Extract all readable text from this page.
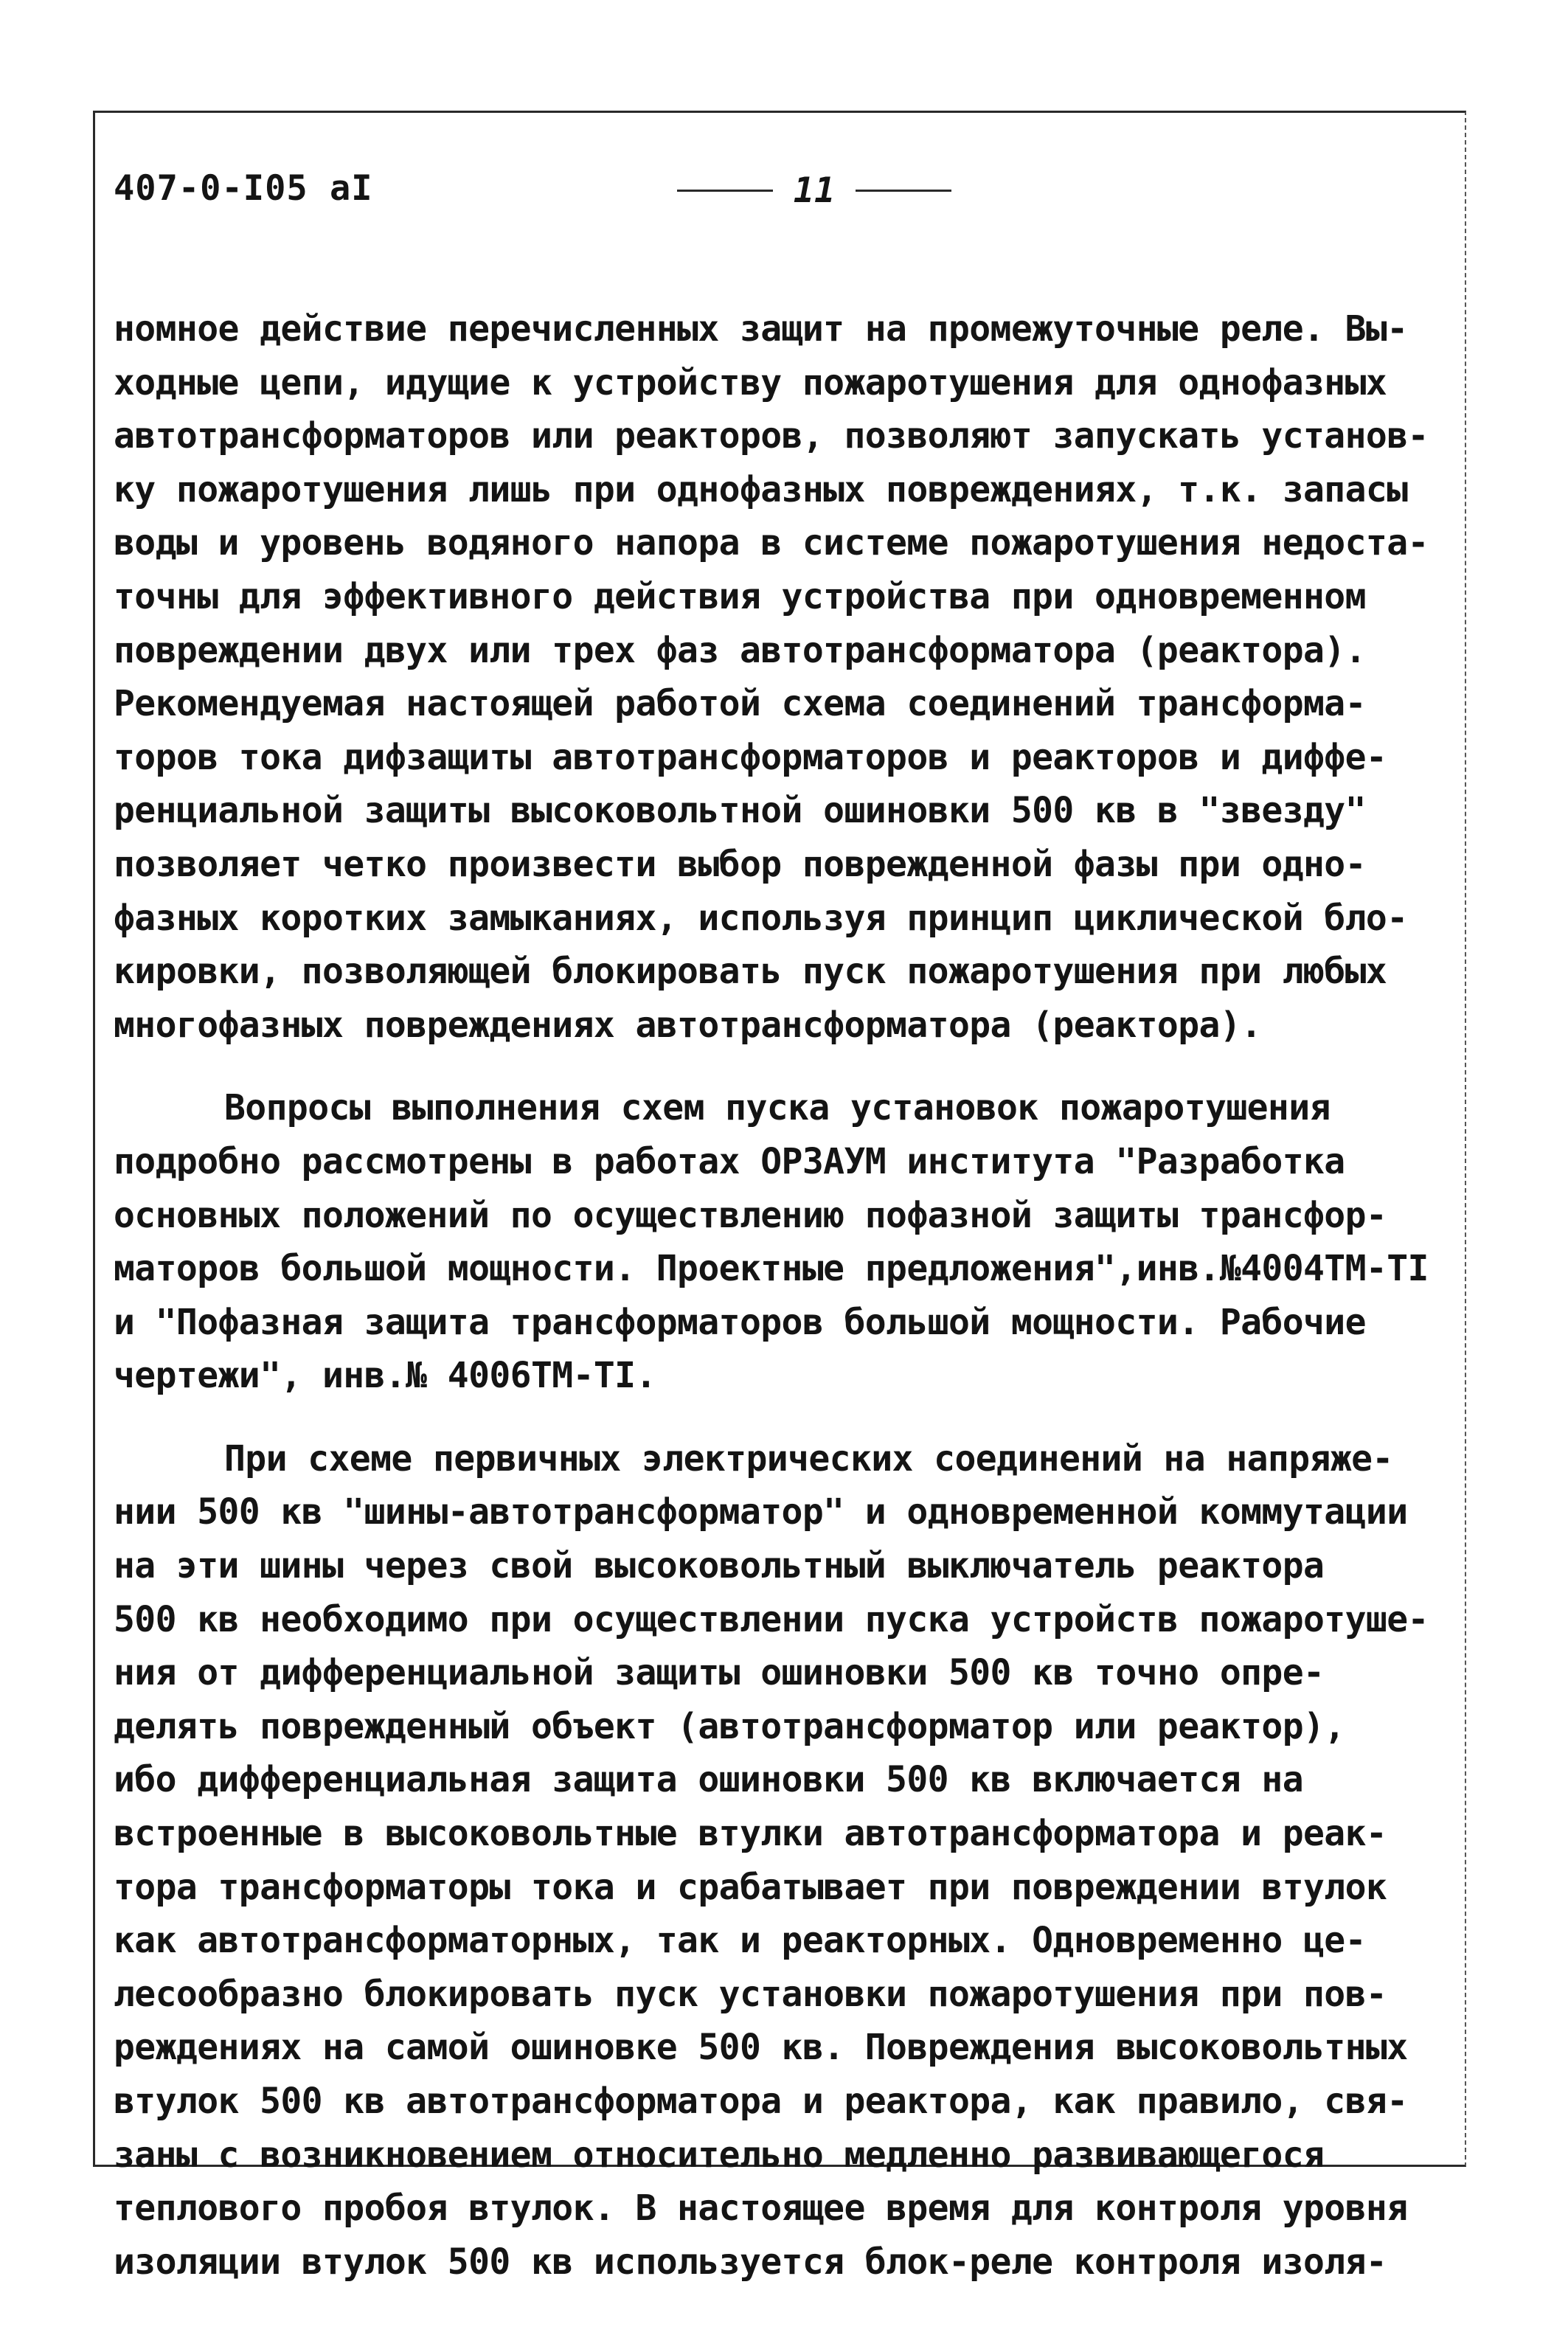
407-0-I05 aI	11
номное действие перечисленных защит на промежуточные реле. Вы-
ходные цепи, идущие к устройству пожаротушения для однофазных
автотрансформаторов или реакторов, позволяют запускать установ-
ку пожаротушения лишь при однофазных повреждениях, т.к. запасы
воды и уровень водяного напора в системе пожаротушения недоста-
точны для эффективного действия устройства при одновременном
повреждении двух или трех фаз автотрансформатора (реактора).
Рекомендуемая настоящей работой схема соединений трансформа-
торов тока дифзащиты автотрансформаторов и реакторов и диффе-
ренциальной защиты высоковольтной ошиновки 500 кв в "звезду"
позволяет четко произвести выбор поврежденной фазы при одно-
фазных коротких замыканиях, используя принцип циклической бло-
кировки, позволяющей блокировать пуск пожаротушения при любых
многофазных повреждениях автотрансформатора (реактора).
Вопросы выполнения схем пуска установок пожаротушения
подробно рассмотрены в работах ОРЗАУМ института "Разработка
основных положений по осуществлению пофазной защиты трансфор-
маторов большой мощности. Проектные предложения",инв.№4004ТМ-ТI
и "Пофазная защита трансформаторов большой мощности. Рабочие
чертежи", инв.№ 4006ТМ-ТI.
При схеме первичных электрических соединений на напряже-
нии 500 кв "шины-автотрансформатор" и одновременной коммутации
на эти шины через свой высоковольтный выключатель реактора
500 кв необходимо при осуществлении пуска устройств пожаротуше-
ния от дифференциальной защиты ошиновки 500 кв точно опре-
делять поврежденный объект (автотрансформатор или реактор),
ибо дифференциальная защита ошиновки 500 кв включается на
встроенные в высоковольтные втулки автотрансформатора и реак-
тора трансформаторы тока и срабатывает при повреждении втулок
как автотрансформаторных, так и реакторных. Одновременно це-
лесообразно блокировать пуск установки пожаротушения при пов-
реждениях на самой ошиновке 500 кв. Повреждения высоковольтных
втулок 500 кв автотрансформатора и реактора, как правило, свя-
заны с возникновением относительно медленно развивающегося
теплового пробоя втулок. В настоящее время для контроля уровня
изоляции втулок 500 кв используется блок-реле контроля изоля-
